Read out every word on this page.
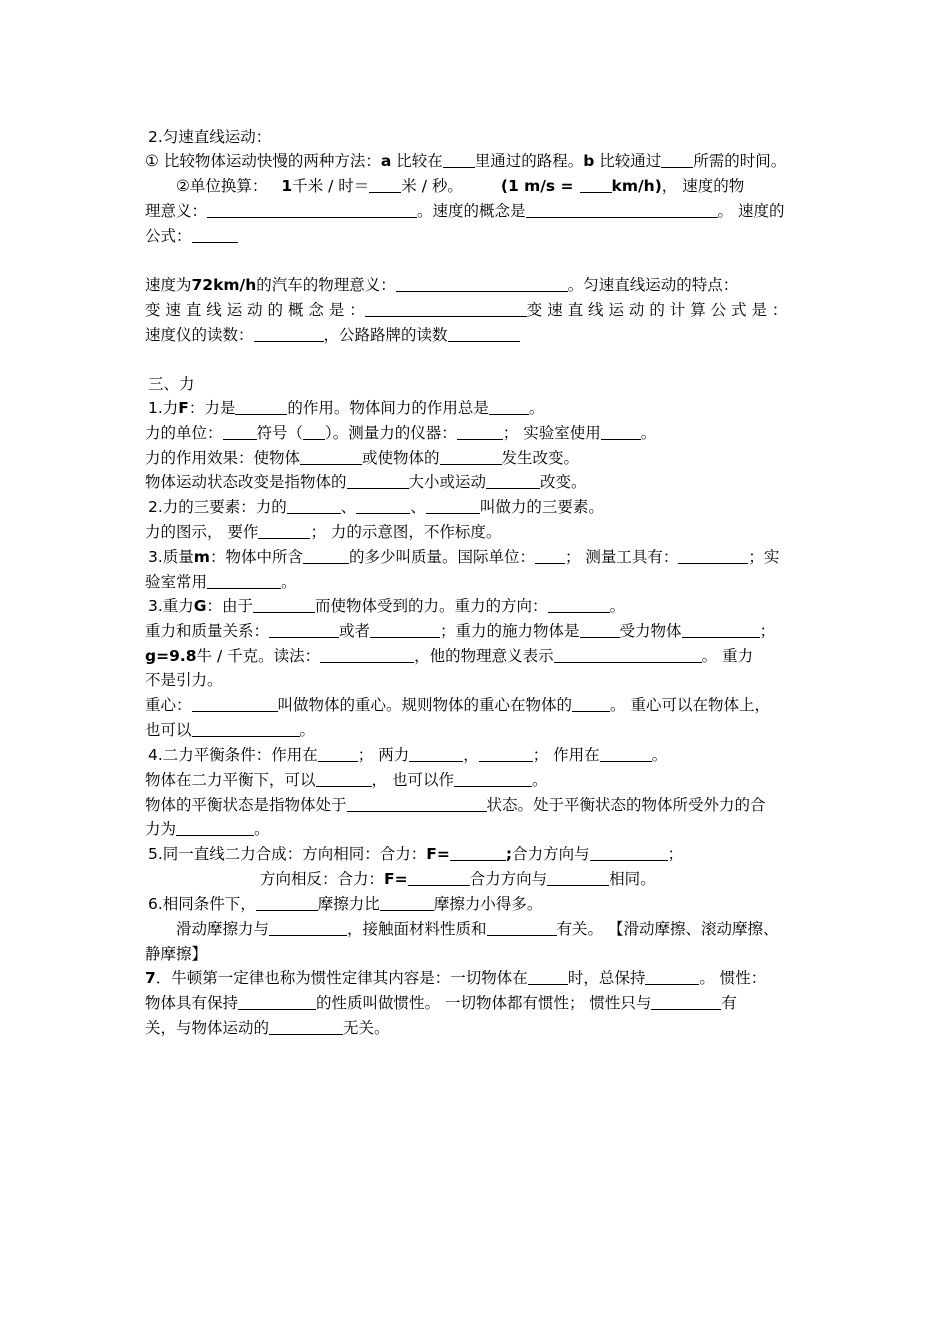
2.匀速直线运动：
① 比较物体运动快慢的两种方法：a 比较在 里通过的路程。b 比较通过 所需的时间。
②单位换算： 1千米 / 时＝ 米 / 秒。 (1 m/s = km/h)， 速度的物
理意义：	。速度的概念是	。 速度的
公式：
速度为72km/h的汽车的物理意义：	。匀速直线运动的特点：
变 速 直 线 运 动 的 概 念 是 ：	变 速 直 线 运 动 的 计 算 公 式 是 ：
速度仪的读数：	，公路路牌的读数
三、力
1.力F：力是	的作用。物体间力的作用总是	。
力的单位： 符号（ ）。测量力的仪器：	； 实验室使用	。
力的作用效果：使物体	或使物体的	发生改变。
物体运动状态改变是指物体的	大小或运动	改变。
2.力的三要素：力的	、	、	叫做力的三要素。
力的图示， 要作	； 力的示意图，不作标度。
3.质量m：物体中所含	的多少叫质量。国际单位： ； 测量工具有：	；实
验室常用	。
3.重力G：由于	而使物体受到的力。重力的方向：	。
重力和质量关系：	或者	；重力的施力物体是	受力物体	；
g=9.8牛 / 千克。读法：	，他的物理意义表示	。 重力
不是引力。
重心：	叫做物体的重心。规则物体的重心在物体的 。 重心可以在物体上，
也可以	。
4.二力平衡条件：作用在	； 两力	，	； 作用在	。
物体在二力平衡下，可以	， 也可以作	。
物体的平衡状态是指物体处于	状态。处于平衡状态的物体所受外力的合
力为	。
5.同一直线二力合成：方向相同：合力：F=	;合力方向与	；
方向相反：合力：F=	合力方向与	相同。
6.相同条件下，	摩擦力比	摩擦力小得多。
滑动摩擦力与	，接触面材料性质和	有关。 【滑动摩擦、滚动摩擦、
静摩擦】
7．牛顿第一定律也称为惯性定律其内容是：一切物体在	时，总保持	。 惯性：
物体具有保持	的性质叫做惯性。 一切物体都有惯性； 惯性只与	有
关，与物体运动的	无关。
